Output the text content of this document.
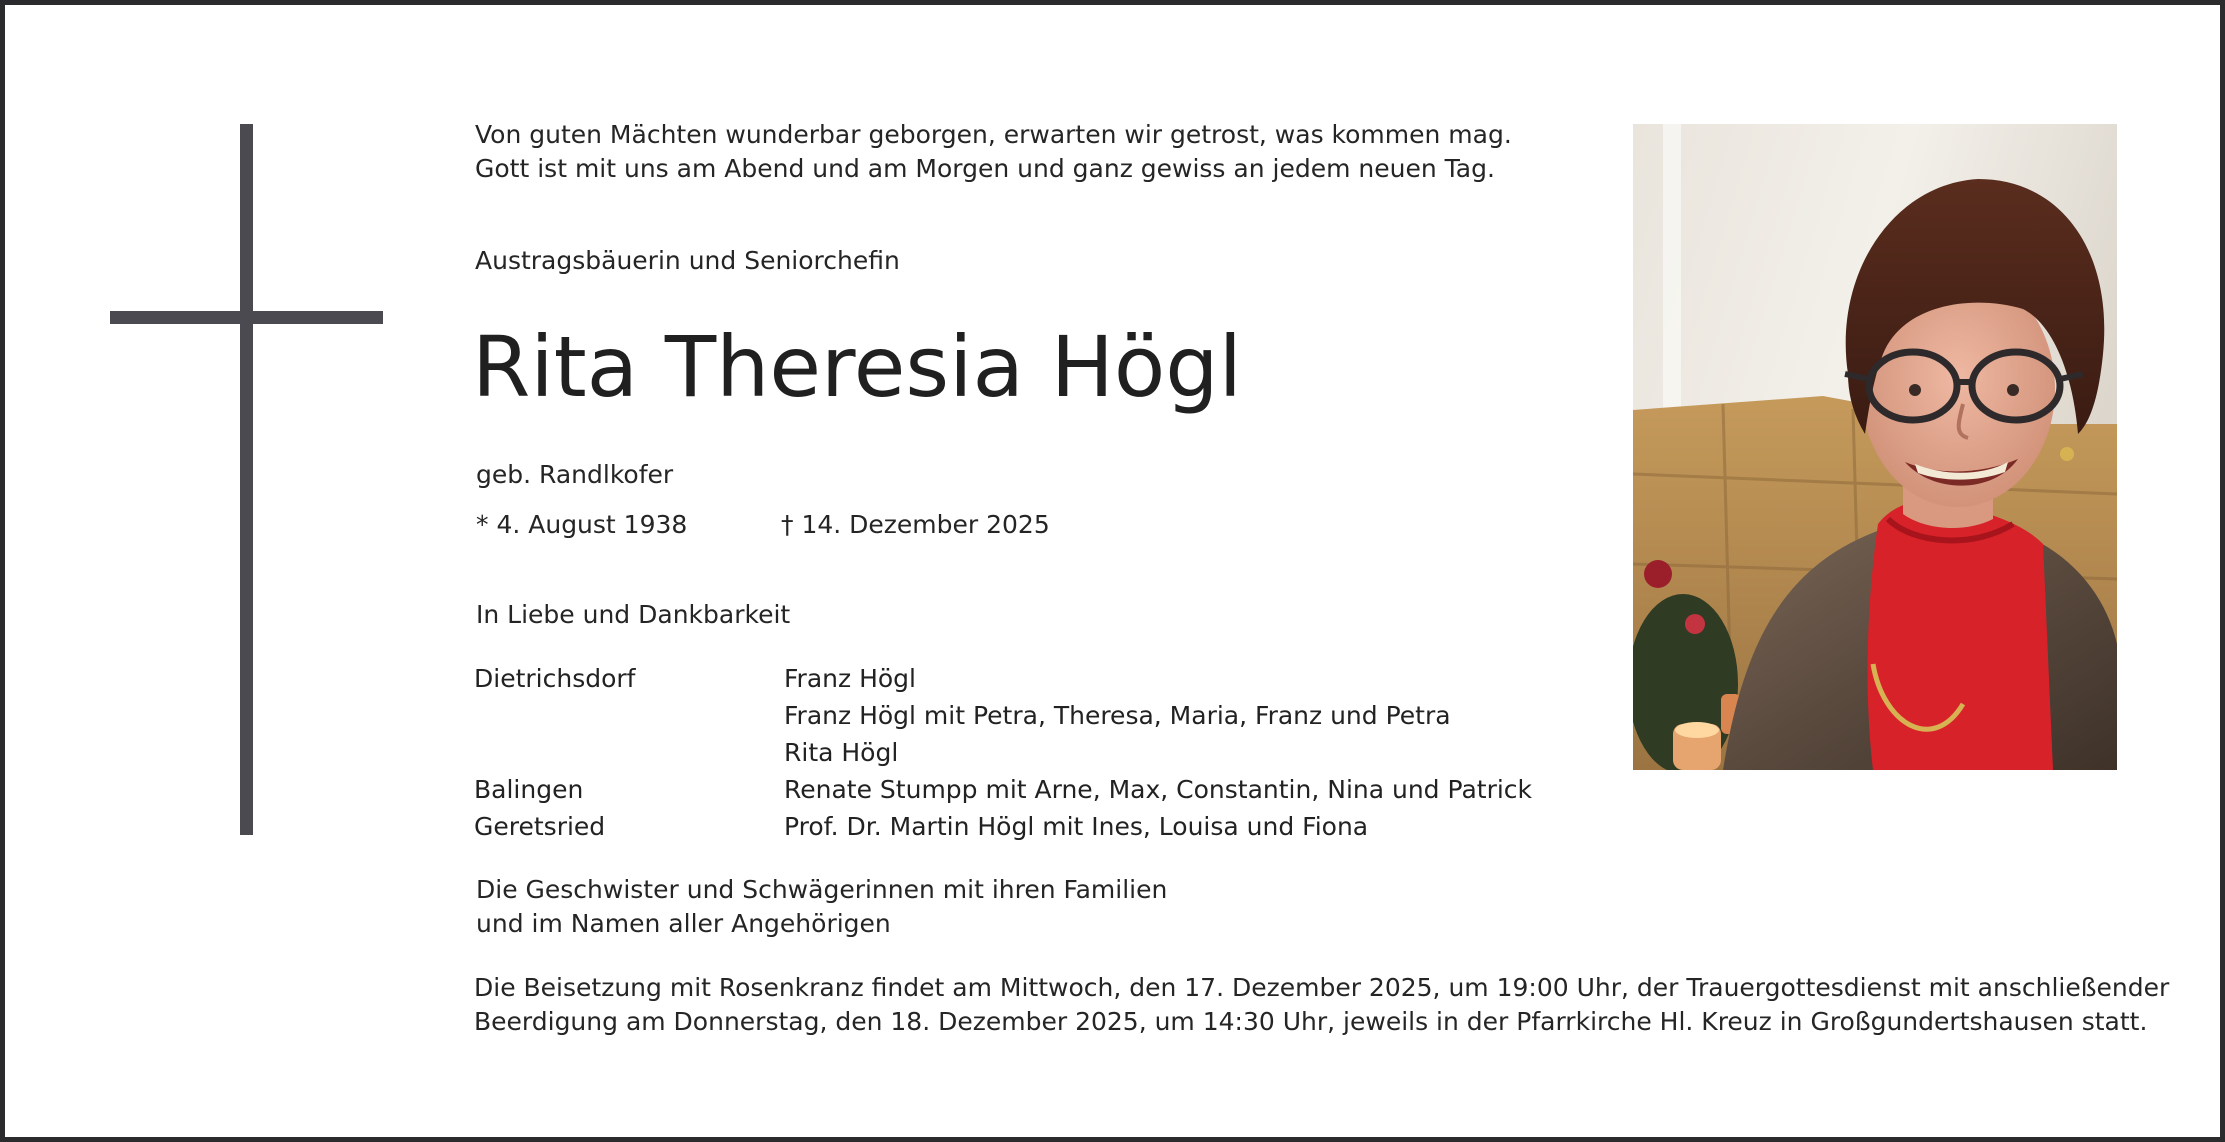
Von guten Mächten wunderbar geborgen, erwarten wir getrost, was kommen mag.
Gott ist mit uns am Abend und am Morgen und ganz gewiss an jedem neuen Tag.
Austragsbäuerin und Seniorchefin
Rita Theresia Högl
geb. Randlkofer
* 4. August 1938	† 14. Dezember 2025
In Liebe und Dankbarkeit
Dietrichsdorf	Franz Högl
Franz Högl mit Petra, Theresa, Maria, Franz und Petra
Rita Högl
Balingen	Renate Stumpp mit Arne, Max, Constantin, Nina und Patrick
Geretsried	Prof. Dr. Martin Högl mit Ines, Louisa und Fiona
Die Geschwister und Schwägerinnen mit ihren Familien
und im Namen aller Angehörigen
Die Beisetzung mit Rosenkranz findet am Mittwoch, den 17. Dezember 2025, um 19:00 Uhr, der Trauergottesdienst mit anschließender
Beerdigung am Donnerstag, den 18. Dezember 2025, um 14:30 Uhr, jeweils in der Pfarrkirche Hl. Kreuz in Großgundertshausen statt.
